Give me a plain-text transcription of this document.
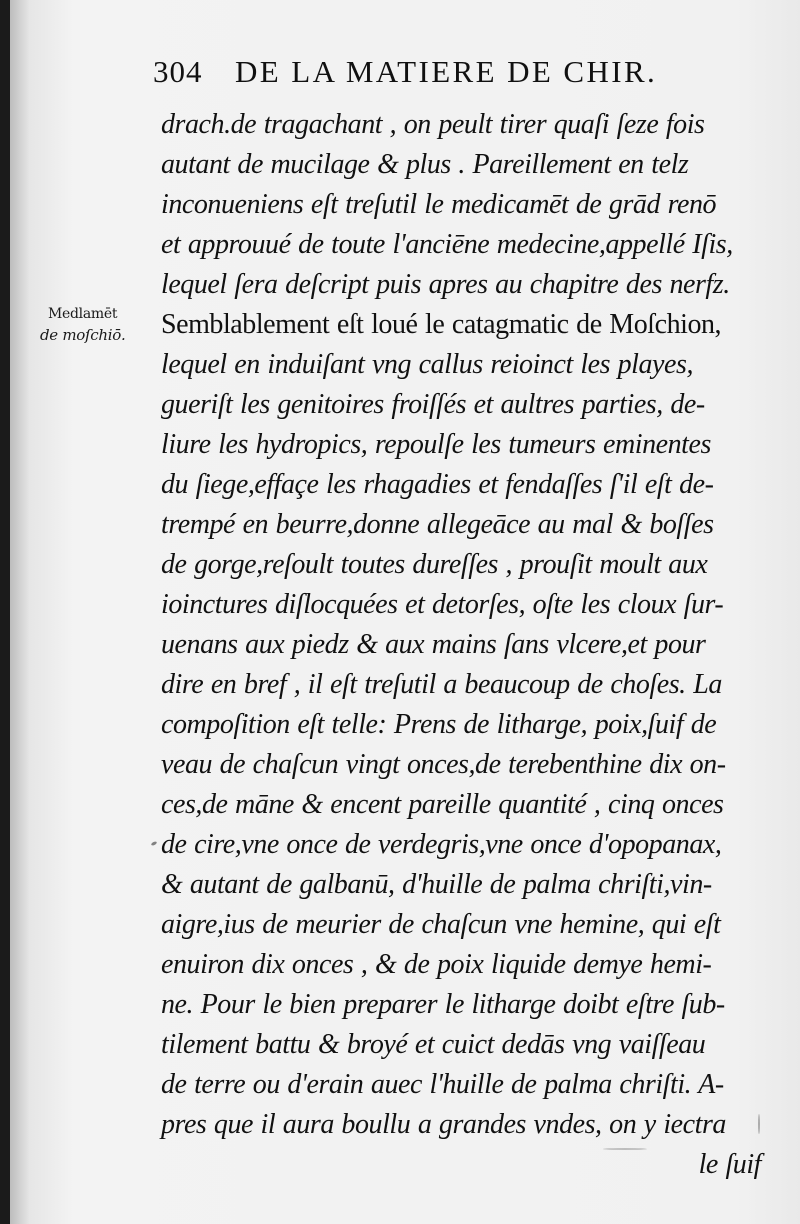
304 DE LA MATIERE DE CHIR.
Medlamēt
de moſchiō.
drach.de tragachant , on peult tirer quaſi ſeze fois
autant de mucilage & plus . Pareillement en telz
inconueniens eſt treſutil le medicamēt de grād renō
et approuué de toute l'anciēne medecine,appellé Iſis,
lequel ſera deſcript puis apres au chapitre des nerfz.
Semblablement eſt loué le catagmatic de Moſchion,
lequel en induiſant vng callus reioinct les playes,
gueriſt les genitoires froiſſés et aultres parties, de-
liure les hydropics, repoulſe les tumeurs eminentes
du ſiege,effaçe les rhagadies et fendaſſes ſ'il eſt de-
trempé en beurre,donne allegeāce au mal & boſſes
de gorge,reſoult toutes dureſſes , prouſit moult aux
ioinctures diſlocquées et detorſes, oſte les cloux ſur-
uenans aux piedz & aux mains ſans vlcere,et pour
dire en bref , il eſt treſutil a beaucoup de choſes. La
compoſition eſt telle: Prens de litharge, poix,ſuif de
veau de chaſcun vingt onces,de terebenthine dix on-
ces,de māne & encent pareille quantité , cinq onces
de cire,vne once de verdegris,vne once d'opopanax,
& autant de galbanū, d'huille de palma chriſti,vin-
aigre,ius de meurier de chaſcun vne hemine, qui eſt
enuiron dix onces , & de poix liquide demye hemi-
ne. Pour le bien preparer le litharge doibt eſtre ſub-
tilement battu & broyé et cuict dedās vng vaiſſeau
de terre ou d'erain auec l'huille de palma chriſti. A-
pres que il aura boullu a grandes vndes, on y iectra
le ſuif
